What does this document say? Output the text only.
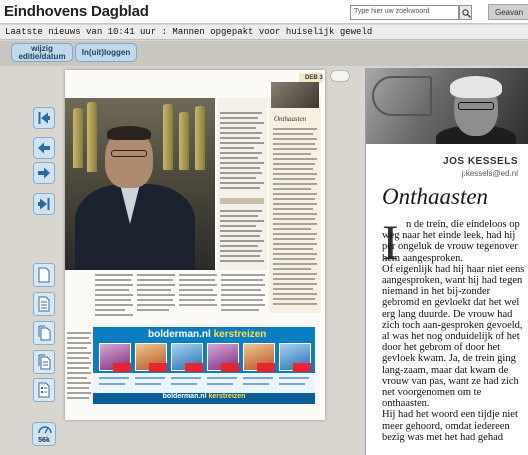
Eindhovens Dagblad	Type hier uw zoekwoord	Geavan
Laatste nieuws van 10:41 uur : Mannen opgepakt voor huiselijk geweld
wijzig
editie/datum	In(uit)loggen
56k
DEB 3
Onthaasten
bolderman.nl kerstreizen
bolderman.nl kerstreizen
JOS KESSELS
j.kessels@ed.nl
Onthaasten
I n de trein, die eindeloos op weg naar het einde leek, had hij per ongeluk de vrouw tegenover hem aangesproken.

Of eigenlijk had hij haar niet eens aangesproken, want hij had tegen niemand in het bij-zonder gebromd en gevloekt dat het wel erg lang duurde. De vrouw had zich toch aan-gesproken gevoeld, al was het nog onduidelijk of het door het gebrom of door het gevloek kwam. Ja, de trein ging lang-zaam, maar dat kwam de vrouw van pas, want ze had zich net voorgenomen om te onthaasten.

Hij had het woord een tijdje niet meer gehoord, omdat iedereen bezig was met het had gehad
